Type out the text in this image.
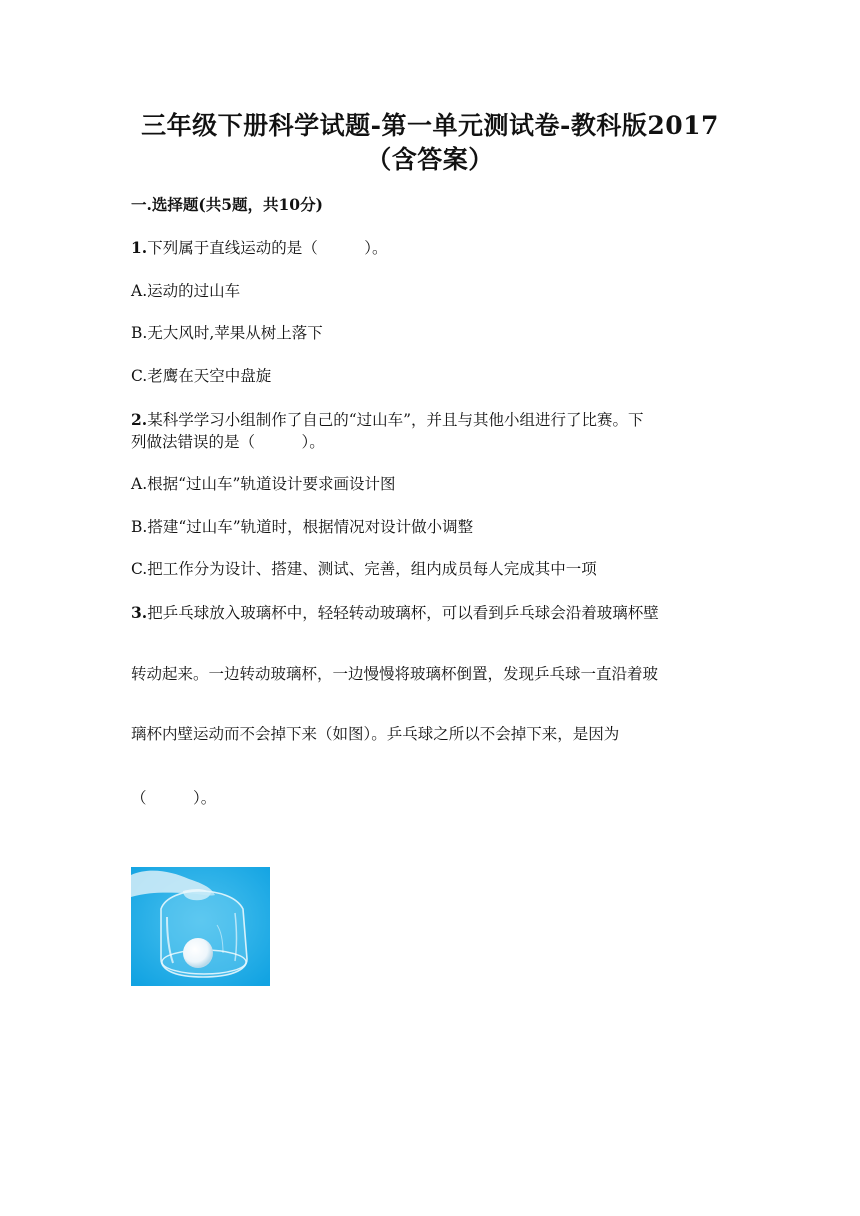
三年级下册科学试题-第一单元测试卷-教科版2017
（含答案）

一.选择题(共5题，共10分)

1.下列属于直线运动的是（　　　）。

A.运动的过山车

B.无大风时,苹果从树上落下

C.老鹰在天空中盘旋

2.某科学学习小组制作了自己的“过山车”，并且与其他小组进行了比赛。下

列做法错误的是（　　　）。

A.根据“过山车”轨道设计要求画设计图

B.搭建“过山车”轨道时，根据情况对设计做小调整

C.把工作分为设计、搭建、测试、完善，组内成员每人完成其中一项

3.把乒乓球放入玻璃杯中，轻轻转动玻璃杯，可以看到乒乓球会沿着玻璃杯壁

转动起来。一边转动玻璃杯，一边慢慢将玻璃杯倒置，发现乒乓球一直沿着玻

璃杯内壁运动而不会掉下来（如图）。乒乓球之所以不会掉下来，是因为

（　　　）。
